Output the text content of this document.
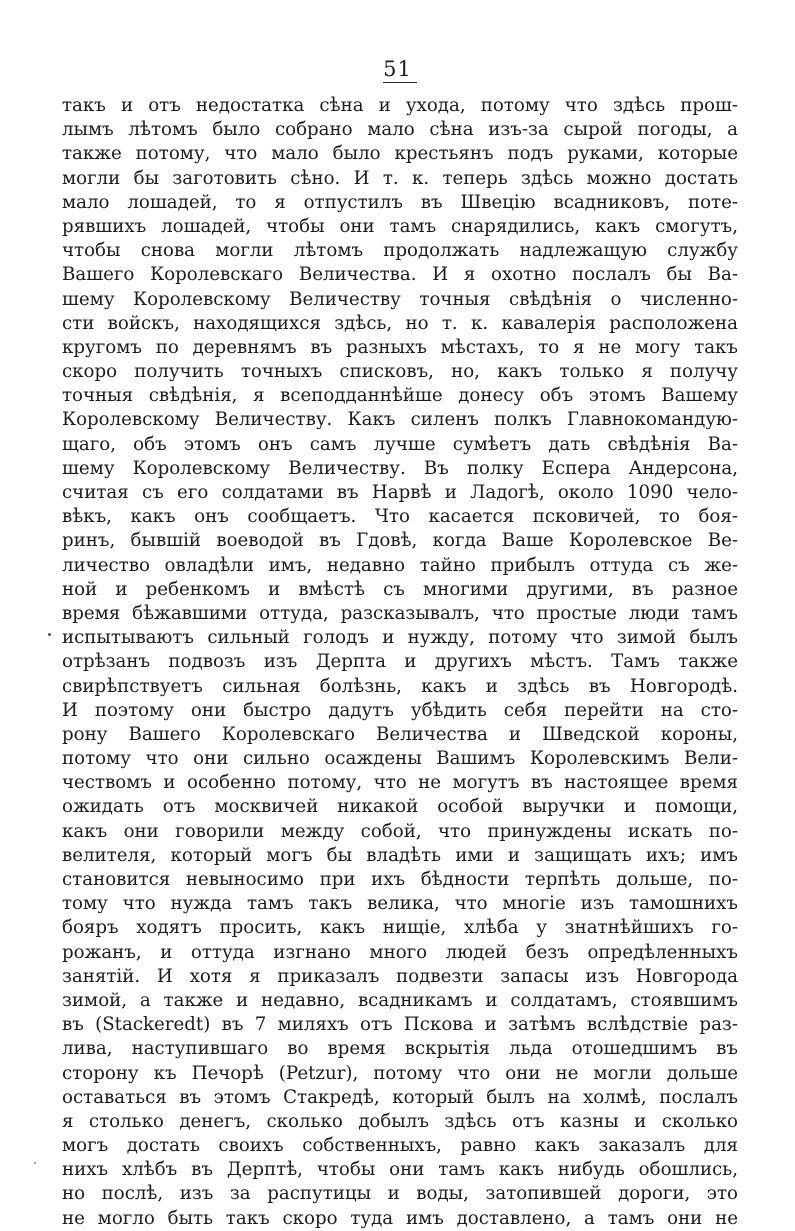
51
такъ и отъ недостатка сѣна и ухода, потому что здѣсь прош-
лымъ лѣтомъ было собрано мало сѣна изъ-за сырой погоды, а
также потому, что мало было крестьянъ подъ руками, которые
могли бы заготовить сѣно. И т. к. теперь здѣсь можно достать
мало лошадей, то я отпустилъ въ Швецію всадниковъ, поте-
рявшихъ лошадей, чтобы они тамъ снарядились, какъ смогутъ,
чтобы снова могли лѣтомъ продолжать надлежащую службу
Вашего Королевскаго Величества. И я охотно послалъ бы Ва-
шему Королевскому Величеству точныя свѣдѣнія о численно-
сти войскъ, находящихся здѣсь, но т. к. кавалерія расположена
кругомъ по деревнямъ въ разныхъ мѣстахъ, то я не могу такъ
скоро получить точныхъ списковъ, но, какъ только я получу
точныя свѣдѣнія, я всеподданнѣйше донесу объ этомъ Вашему
Королевскому Величеству. Какъ силенъ полкъ Главнокомандую-
щаго, объ этомъ онъ самъ лучше сумѣетъ дать свѣдѣнія Ва-
шему Королевскому Величеству. Въ полку Еспера Андерсона,
считая съ его солдатами въ Нарвѣ и Ладогѣ, около 1090 чело-
вѣкъ, какъ онъ сообщаетъ. Что касается псковичей, то боя-
ринъ, бывшій воеводой въ Гдовѣ, когда Ваше Королевское Ве-
личество овладѣли имъ, недавно тайно прибылъ оттуда съ же-
ной и ребенкомъ и вмѣстѣ съ многими другими, въ разное
время бѣжавшими оттуда, разсказывалъ, что простые люди тамъ
испытываютъ сильный голодъ и нужду, потому что зимой былъ
отрѣзанъ подвозъ изъ Дерпта и другихъ мѣстъ. Тамъ также
свирѣпствуетъ сильная болѣзнь, какъ и здѣсь въ Новгородѣ.
И поэтому они быстро дадутъ убѣдить себя перейти на сто-
рону Вашего Королевскаго Величества и Шведской короны,
потому что они сильно осаждены Вашимъ Королевскимъ Вели-
чествомъ и особенно потому, что не могутъ въ настоящее время
ожидать отъ москвичей никакой особой выручки и помощи,
какъ они говорили между собой, что принуждены искать по-
велителя, который могъ бы владѣть ими и защищать ихъ; имъ
становится невыносимо при ихъ бѣдности терпѣть дольше, по-
тому что нужда тамъ такъ велика, что многіе изъ тамошнихъ
бояръ ходятъ просить, какъ нищіе, хлѣба у знатнѣйшихъ го-
рожанъ, и оттуда изгнано много людей безъ опредѣленныхъ
занятій. И хотя я приказалъ подвезти запасы изъ Новгорода
зимой, а также и недавно, всадникамъ и солдатамъ, стоявшимъ
въ (Stackeredt) въ 7 миляхъ отъ Пскова и затѣмъ вслѣдствіе раз-
лива, наступившаго во время вскрытія льда отошедшимъ въ
сторону къ Печорѣ (Petzur), потому что они не могли дольше
оставаться въ этомъ Стакредѣ, который былъ на холмѣ, послалъ
я столько денегъ, сколько добылъ здѣсь отъ казны и сколько
могъ достать своихъ собственныхъ, равно какъ заказалъ для
нихъ хлѣбъ въ Дерптѣ, чтобы они тамъ какъ нибудь обошлись,
но послѣ, изъ за распутицы и воды, затопившей дороги, это
не могло быть такъ скоро туда имъ доставлено, а тамъ они не
